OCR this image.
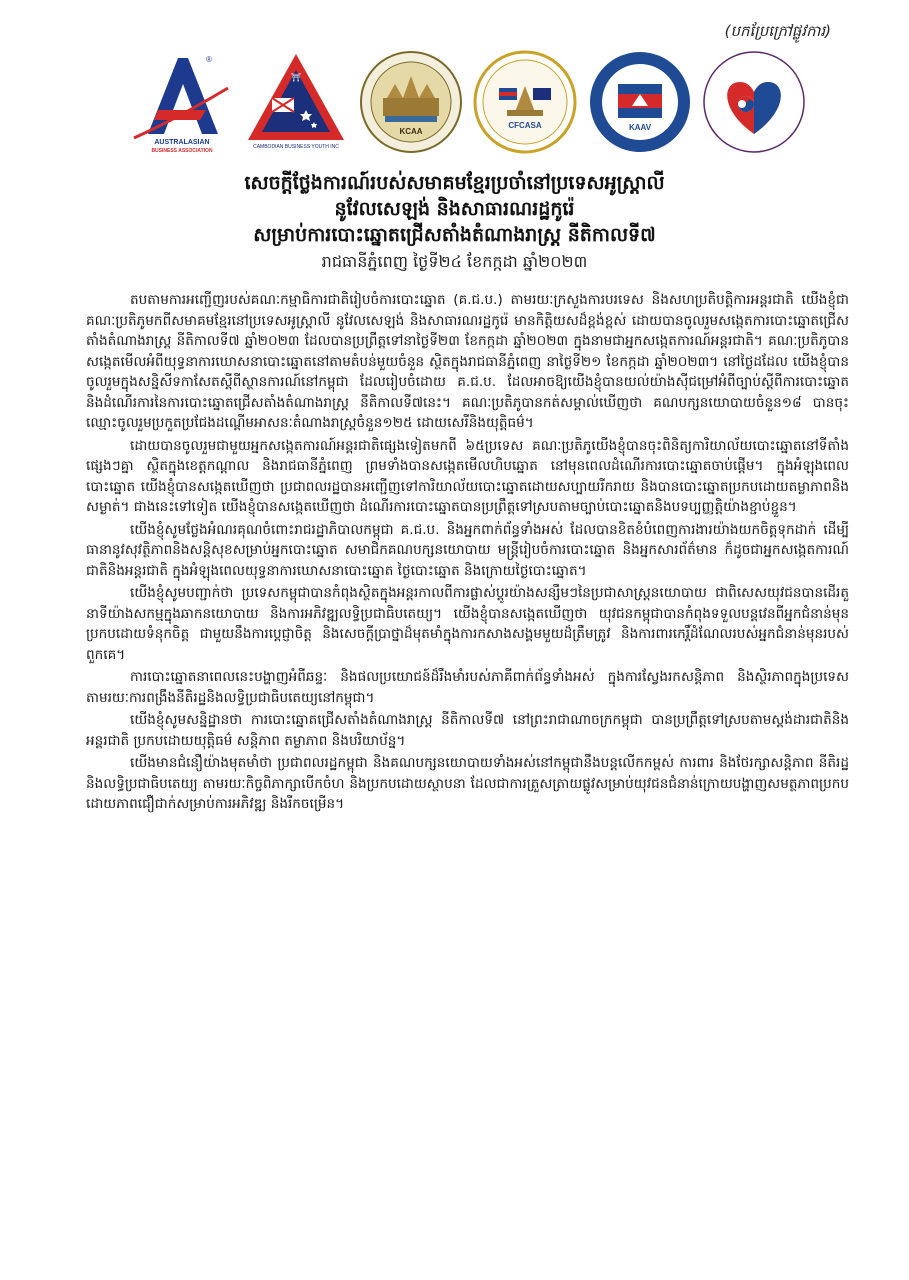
(បកប្រែក្រៅផ្លូវការ)
AUSTRALASIAN
BUSINESS ASSOCIATION
®
⛩
CAMBODIAN BUSINESS YOUTH INC
KCAA
CFCASA	KAAV
សេចក្ដីថ្លែងការណ៍របស់សមាគមខ្មែរប្រចាំនៅប្រទេសអូស្ត្រាលី
នូវែលសេឡង់ និងសាធារណរដ្ឋកូរ៉េ
សម្រាប់ការបោះឆ្នោតជ្រើសតាំងតំណាងរាស្ត្រ នីតិកាលទី៧
រាជធានីភ្នំពេញ ថ្ងៃទី២៤ ខែកក្កដា ឆ្នាំ២០២៣

តបតាមការអញ្ជើញរបស់គណៈកម្មាធិការជាតិរៀបចំការបោះឆ្នោត (គ.ជ.ប.) តាមរយៈក្រសួងការបរទេស និងសហប្រតិបត្តិការអន្តរជាតិ យើងខ្ញុំជាគណៈប្រតិភូមកពីសមាគមខ្មែរនៅប្រទេសអូស្ត្រាលី នូវែលសេឡង់ និងសាធារណរដ្ឋកូរ៉េ មានកិត្តិយសដ៏ខ្ពង់ខ្ពស់ ដោយបានចូលរួមសង្កេតការបោះឆ្នោតជ្រើសតាំងតំណាងរាស្ត្រ នីតិកាលទី៧ ឆ្នាំ២០២៣ ដែលបានប្រព្រឹត្តទៅនាថ្ងៃទី២៣ ខែកក្កដា ឆ្នាំ២០២៣ ក្នុងនាមជាអ្នកសង្កេតការណ៍អន្តរជាតិ។ គណៈប្រតិភូបានសង្កេតមើលអំពីយុទ្ធនាការឃោសនាបោះឆ្នោតនៅតាមតំបន់មួយចំនួន ស្ថិតក្នុងរាជធានីភ្នំពេញ នាថ្ងៃទី២១ ខែកក្កដា ឆ្នាំ២០២៣។ នៅថ្ងៃដដែល យើងខ្ញុំបានចូលរួមក្នុងសន្និសីទកាសែតស្តីពីស្ថានការណ៍នៅកម្ពុជា ដែលរៀបចំដោយ គ.ជ.ប. ដែលអាចឱ្យយើងខ្ញុំបានយល់យ៉ាងស៊ីជម្រៅអំពីច្បាប់ស្តីពីការបោះឆ្នោត និងដំណើរការនៃការបោះឆ្នោតជ្រើសតាំងតំណាងរាស្ត្រ នីតិកាលទី៧នេះ។ គណៈប្រតិភូបានកត់សម្គាល់ឃើញថា គណបក្សនយោបាយចំនួន១៨ បានចុះឈ្មោះចូលរួមប្រកួតប្រជែងដណ្តើមអាសនៈតំណាងរាស្ត្រចំនួន១២៥ ដោយសេរីនិងយុត្តិធម៌។

ដោយបានចូលរួមជាមួយអ្នកសង្កេតការណ៍អន្តរជាតិផ្សេងទៀតមកពី ៦៥ប្រទេស គណៈប្រតិភូយើងខ្ញុំបានចុះពិនិត្យការិយាល័យបោះឆ្នោតនៅទីតាំងផ្សេងៗគ្នា ស្ថិតក្នុងខេត្តកណ្តាល និងរាជធានីភ្នំពេញ ព្រមទាំងបានសង្កេតមើលហិបឆ្នោត នៅមុនពេលដំណើរការបោះឆ្នោតចាប់ផ្តើម។ ក្នុងអំឡុងពេលបោះឆ្នោត យើងខ្ញុំបានសង្កេតឃើញថា ប្រជាពលរដ្ឋបានអញ្ជើញទៅការិយាល័យបោះឆ្នោតដោយសប្បាយរីករាយ និងបានបោះឆ្នោតប្រកបដោយតម្លាភាពនិងសម្ងាត់។ ជាងនេះទៅទៀត យើងខ្ញុំបានសង្កេតឃើញថា ដំណើរការបោះឆ្នោតបានប្រព្រឹត្តទៅស្របតាមច្បាប់បោះឆ្នោតនិងបទប្បញ្ញត្តិយ៉ាងខ្ជាប់ខ្ជួន។

យើងខ្ញុំសូមថ្លែងអំណរគុណចំពោះរាជរដ្ឋាភិបាលកម្ពុជា គ.ជ.ប. និងអ្នកពាក់ព័ន្ធទាំងអស់ ដែលបានខិតខំបំពេញការងារយ៉ាងយកចិត្តទុកដាក់ ដើម្បីធានានូវសុវត្ថិភាពនិងសន្តិសុខសម្រាប់អ្នកបោះឆ្នោត សមាជិកគណបក្សនយោបាយ មន្ត្រីរៀបចំការបោះឆ្នោត និងអ្នកសារព័ត៌មាន ក៏ដូចជាអ្នកសង្កេតការណ៍ជាតិនិងអន្តរជាតិ ក្នុងអំឡុងពេលយុទ្ធនាការឃោសនាបោះឆ្នោត ថ្ងៃបោះឆ្នោត និងក្រោយថ្ងៃបោះឆ្នោត។

យើងខ្ញុំសូមបញ្ជាក់ថា ប្រទេសកម្ពុជាបានកំពុងស្ថិតក្នុងអន្តរកាលពីការផ្លាស់ប្តូរយ៉ាងសន្សឹមៗនៃប្រជាសាស្ត្រនយោបាយ ជាពិសេសយុវជនបានដើរតួនាទីយ៉ាងសកម្មក្នុងឆាកនយោបាយ និងការអភិវឌ្ឍលទ្ធិប្រជាធិបតេយ្យ។ យើងខ្ញុំបានសង្កេតឃើញថា យុវជនកម្ពុជាបានកំពុងទទួលបន្តវេនពីអ្នកជំនាន់មុនប្រកបដោយទំនុកចិត្ត ជាមួយនឹងការប្តេជ្ញាចិត្ត និងសេចក្តីប្រាថ្នាដ៏មុតមាំក្នុងការកសាងសង្គមមួយដ៏ត្រឹមត្រូវ និងការពារកេរ្តិ៍ដំណែលរបស់អ្នកជំនាន់មុនរបស់ពួកគេ។

ការបោះឆ្នោតនាពេលនេះបង្ហាញអំពីឆន្ទៈ និងផលប្រយោជន៍ដ៏រឹងមាំរបស់ភាគីពាក់ព័ន្ធទាំងអស់ ក្នុងការស្វែងរកសន្តិភាព និងស្ថិរភាពក្នុងប្រទេស តាមរយៈការពង្រឹងនីតិរដ្ឋនិងលទ្ធិប្រជាធិបតេយ្យនៅកម្ពុជា។

យើងខ្ញុំសូមសន្និដ្ឋានថា ការបោះឆ្នោតជ្រើសតាំងតំណាងរាស្ត្រ នីតិកាលទី៧ នៅព្រះរាជាណាចក្រកម្ពុជា បានប្រព្រឹត្តទៅស្របតាមស្តង់ដារជាតិនិងអន្តរជាតិ ប្រកបដោយយុត្តិធម៌ សន្តិភាព តម្លាភាព និងបរិយាប័ន្ន។

យើងមានជំនឿយ៉ាងមុតមាំថា ប្រជាពលរដ្ឋកម្ពុជា និងគណបក្សនយោបាយទាំងអស់នៅកម្ពុជានឹងបន្តលើកកម្ពស់ ការពារ និងថែរក្សាសន្តិភាព នីតិរដ្ឋ និងលទ្ធិប្រជាធិបតេយ្យ តាមរយៈកិច្ចពិភាក្សាបើកចំហ និងប្រកបដោយស្ថាបនា ដែលជាការត្រួសត្រាយផ្លូវសម្រាប់យុវជនជំនាន់ក្រោយបង្ហាញសមត្ថភាពប្រកបដោយភាពជឿជាក់សម្រាប់ការអភិវឌ្ឍ និងរីកចម្រើន។
